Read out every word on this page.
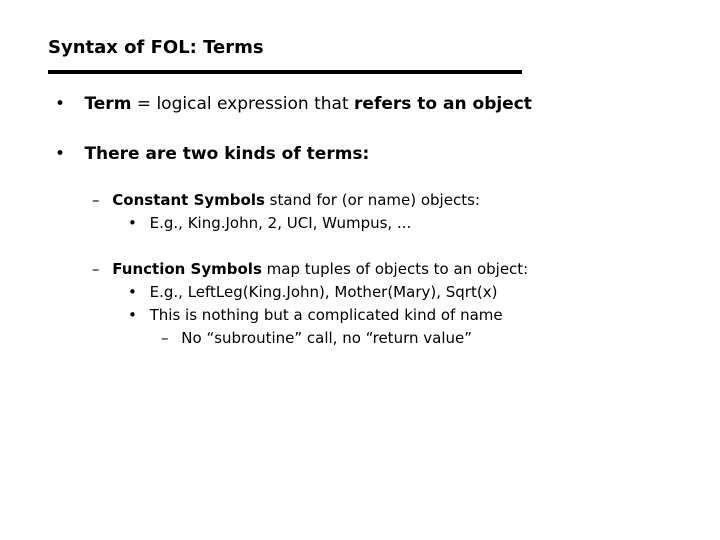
Syntax of FOL: Terms
• Term = logical expression that refers to an object
• There are two kinds of terms:
– Constant Symbols stand for (or name) objects:
• E.g., King.John, 2, UCI, Wumpus, ...
– Function Symbols map tuples of objects to an object:
• E.g., LeftLeg(King.John), Mother(Mary), Sqrt(x)
• This is nothing but a complicated kind of name
– No “subroutine” call, no “return value”
